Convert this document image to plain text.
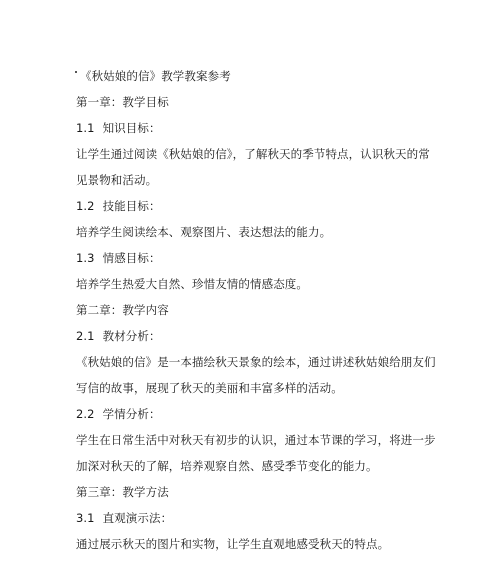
《秋姑娘的信》教学教案参考
第一章：教学目标
1.1 知识目标：
让学生通过阅读《秋姑娘的信》，了解秋天的季节特点，认识秋天的常见景物和活动。
1.2 技能目标：
培养学生阅读绘本、观察图片、表达想法的能力。
1.3 情感目标：
培养学生热爱大自然、珍惜友情的情感态度。
第二章：教学内容
2.1 教材分析：
《秋姑娘的信》是一本描绘秋天景象的绘本，通过讲述秋姑娘给朋友们写信的故事，展现了秋天的美丽和丰富多样的活动。
2.2 学情分析：
学生在日常生活中对秋天有初步的认识，通过本节课的学习，将进一步加深对秋天的了解，培养观察自然、感受季节变化的能力。
第三章：教学方法
3.1 直观演示法：
通过展示秋天的图片和实物，让学生直观地感受秋天的特点。
